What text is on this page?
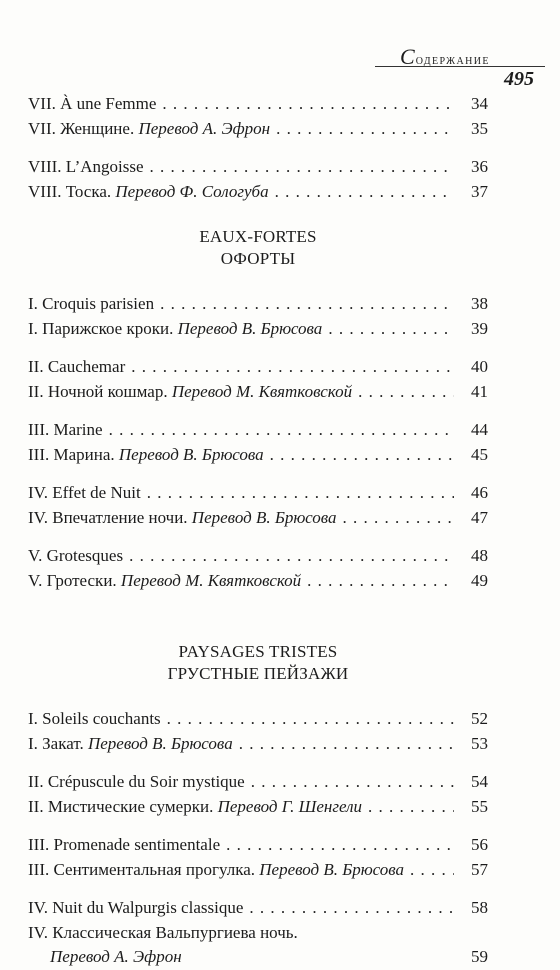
Содержание
495
VII. À une Femme . . .	34
VII. Женщине. Перевод А. Эфрон . . .	35
VIII. L’Angoisse . . .	36
VIII. Тоска. Перевод Ф. Сологуба . . .	37
EAUX-FORTES
ОФОРТЫ
I. Croquis parisien . . .	38
I. Парижское кроки. Перевод В. Брюсова . . .	39
II. Cauchemar . . .	40
II. Ночной кошмар. Перевод М. Квятковской . . .	41
III. Marine . . .	44
III. Марина. Перевод В. Брюсова . . .	45
IV. Effet de Nuit . . .	46
IV. Впечатление ночи. Перевод В. Брюсова . . .	47
V. Grotesques . . .	48
V. Гротески. Перевод М. Квятковской . . .	49
PAYSAGES TRISTES
ГРУСТНЫЕ ПЕЙЗАЖИ
I. Soleils couchants . . .	52
I. Закат. Перевод В. Брюсова . . .	53
II. Crépuscule du Soir mystique . . .	54
II. Мистические сумерки. Перевод Г. Шенгели . . .	55
III. Promenade sentimentale . . .	56
III. Сентиментальная прогулка. Перевод В. Брюсова . . .	57
IV. Nuit du Walpurgis classique . . .	58
IV. Классическая Вальпургиева ночь.
Перевод А. Эфрон	59
